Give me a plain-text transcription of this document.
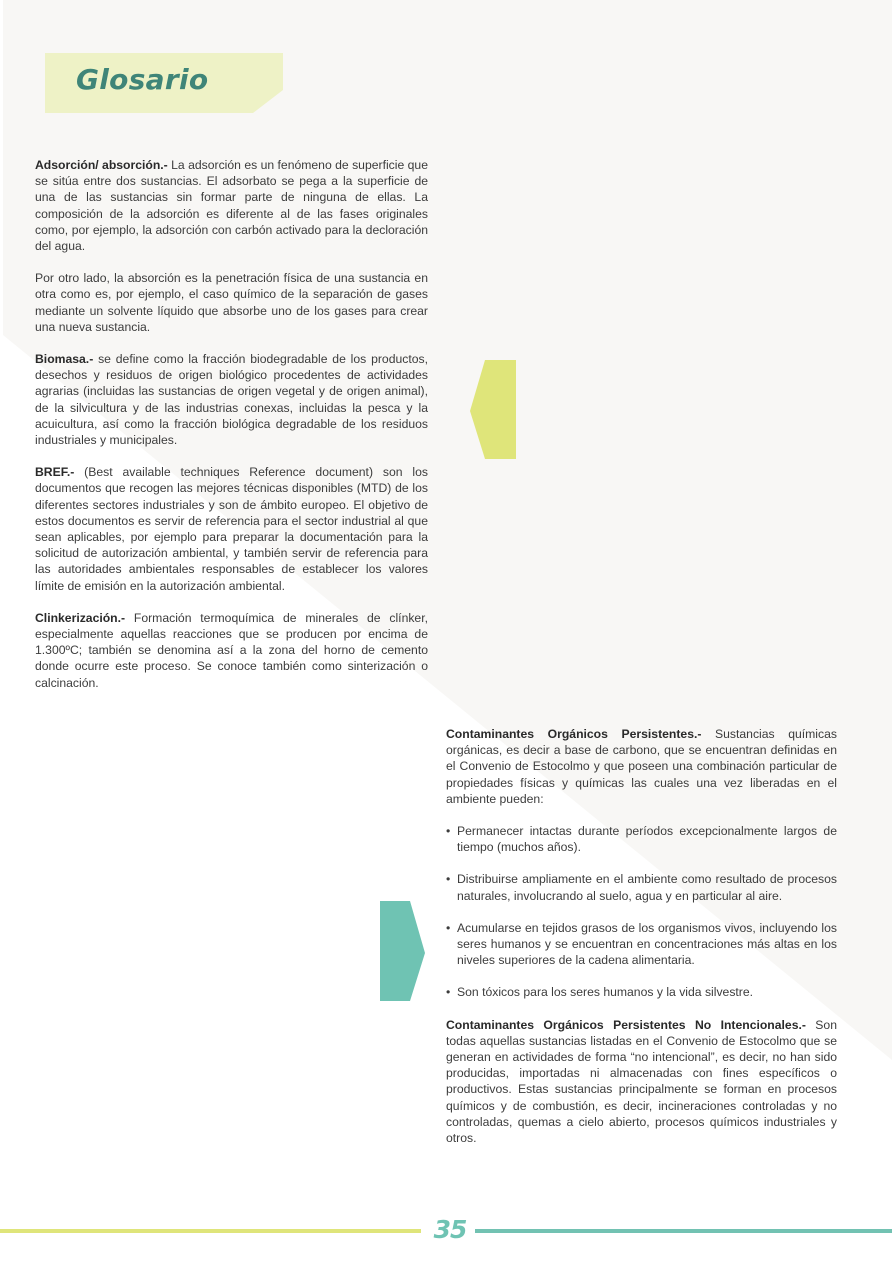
Glosario

Adsorción/ absorción.- La adsorción es un fenómeno de superficie que se sitúa entre dos sustancias. El adsorbato se pega a la superficie de una de las sustancias sin formar parte de ninguna de ellas. La composición de la adsorción es diferente al de las fases originales como, por ejemplo, la adsorción con carbón activado para la decloración del agua.

Por otro lado, la absorción es la penetración física de una sustancia en otra como es, por ejemplo, el caso químico de la separación de gases mediante un solvente líquido que absorbe uno de los gases para crear una nueva sustancia.

Biomasa.- se define como la fracción biodegradable de los productos, desechos y residuos de origen biológico procedentes de actividades agrarias (incluidas las sustancias de origen vegetal y de origen animal), de la silvicultura y de las industrias conexas, incluidas la pesca y la acuicultura, así como la fracción biológica degradable de los residuos industriales y municipales.

BREF.- (Best available techniques Reference document) son los documentos que recogen las mejores técnicas disponibles (MTD) de los diferentes sectores industriales y son de ámbito europeo. El objetivo de estos documentos es servir de referencia para el sector industrial al que sean aplicables, por ejemplo para preparar la documentación para la solicitud de autorización ambiental, y también servir de referencia para las autoridades ambientales responsables de establecer los valores límite de emisión en la autorización ambiental.

Clinkerización.- Formación termoquímica de minerales de clínker, especialmente aquellas reacciones que se producen por encima de 1.300ºC; también se denomina así a la zona del horno de cemento donde ocurre este proceso. Se conoce también como sinterización o calcinación.

Contaminantes Orgánicos Persistentes.- Sustancias químicas orgánicas, es decir a base de carbono, que se encuentran definidas en el Convenio de Estocolmo y que poseen una combinación particular de propiedades físicas y químicas las cuales una vez liberadas en el ambiente pueden:

• Permanecer intactas durante períodos excepcionalmente largos de tiempo (muchos años).
• Distribuirse ampliamente en el ambiente como resultado de procesos naturales, involucrando al suelo, agua y en particular al aire.
• Acumularse en tejidos grasos de los organismos vivos, incluyendo los seres humanos y se encuentran en concentraciones más altas en los niveles superiores de la cadena alimentaria.
• Son tóxicos para los seres humanos y la vida silvestre.

Contaminantes Orgánicos Persistentes No Intencionales.- Son todas aquellas sustancias listadas en el Convenio de Estocolmo que se generan en actividades de forma “no intencional”, es decir, no han sido producidas, importadas ni almacenadas con fines específicos o productivos. Estas sustancias principalmente se forman en procesos químicos y de combustión, es decir, incineraciones controladas y no controladas, quemas a cielo abierto, procesos químicos industriales y otros.

35
